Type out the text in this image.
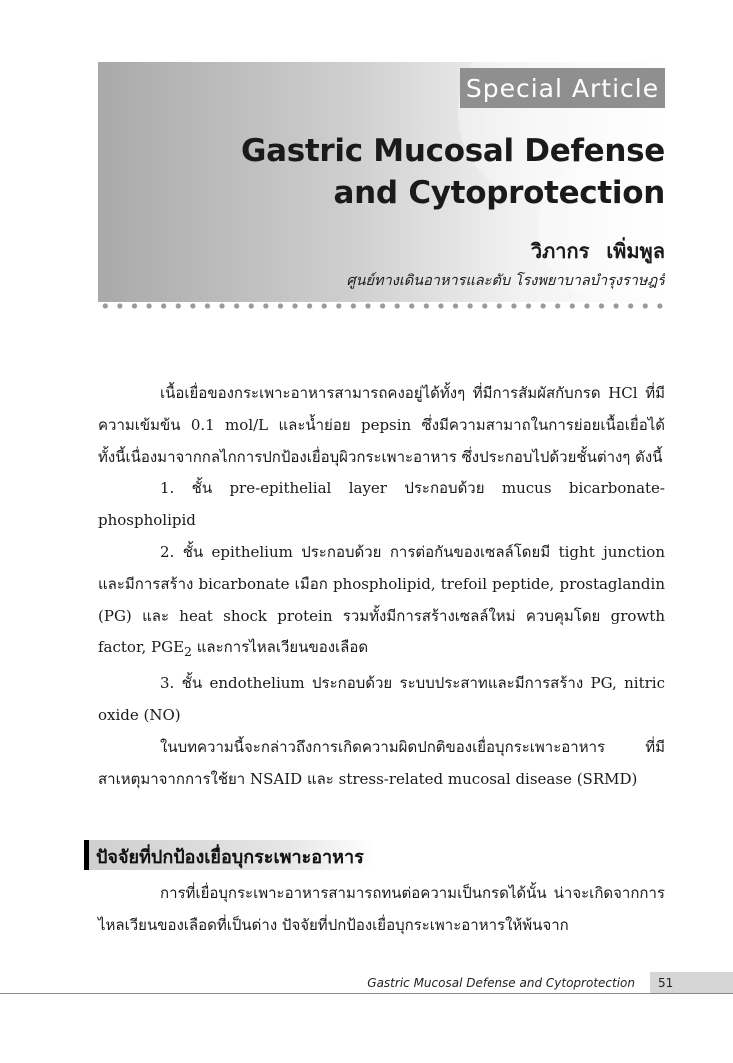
Special Article
Gastric Mucosal Defense
and Cytoprotection
วิภากร เพิ่มพูล
ศูนย์ทางเดินอาหารและตับ โรงพยาบาลบำรุงราษฎร์

เนื้อเยื่อของกระเพาะอาหารสามารถคงอยู่ได้ทั้งๆ ที่มีการสัมผัสกับกรด HCl ที่มีความเข้มข้น 0.1 mol/L และน้ำย่อย pepsin ซึ่งมีความสามาถในการย่อยเนื้อเยื่อได้ ทั้งนี้เนื่องมาจากกลไกการปกป้องเยื่อบุผิวกระเพาะอาหาร ซึ่งประกอบไปด้วยชั้นต่างๆ ดังนี้

1. ชั้น pre-epithelial layer ประกอบด้วย mucus bicarbonate-phospholipid

2. ชั้น epithelium ประกอบด้วย การต่อกันของเซลล์โดยมี tight junction และมีการสร้าง bicarbonate เมือก phospholipid, trefoil peptide, prostaglandin (PG) และ heat shock protein รวมทั้งมีการสร้างเซลล์ใหม่ ควบคุมโดย growth factor, $PGE_2$ และการไหลเวียนของเลือด

3. ชั้น endothelium ประกอบด้วย ระบบประสาทและมีการสร้าง PG, nitric oxide (NO)

ในบทความนี้จะกล่าวถึงการเกิดความผิดปกติของเยื่อบุกระเพาะอาหาร ที่มีสาเหตุมาจากการใช้ยา NSAID และ stress-related mucosal disease (SRMD)

ปัจจัยที่ปกป้องเยื่อบุกระเพาะอาหาร

การที่เยื่อบุกระเพาะอาหารสามารถทนต่อความเป็นกรดได้นั้น น่าจะเกิดจากการไหลเวียนของเลือดที่เป็นด่าง ปัจจัยที่ปกป้องเยื่อบุกระเพาะอาหารให้พ้นจาก

Gastric Mucosal Defense and Cytoprotection	51
